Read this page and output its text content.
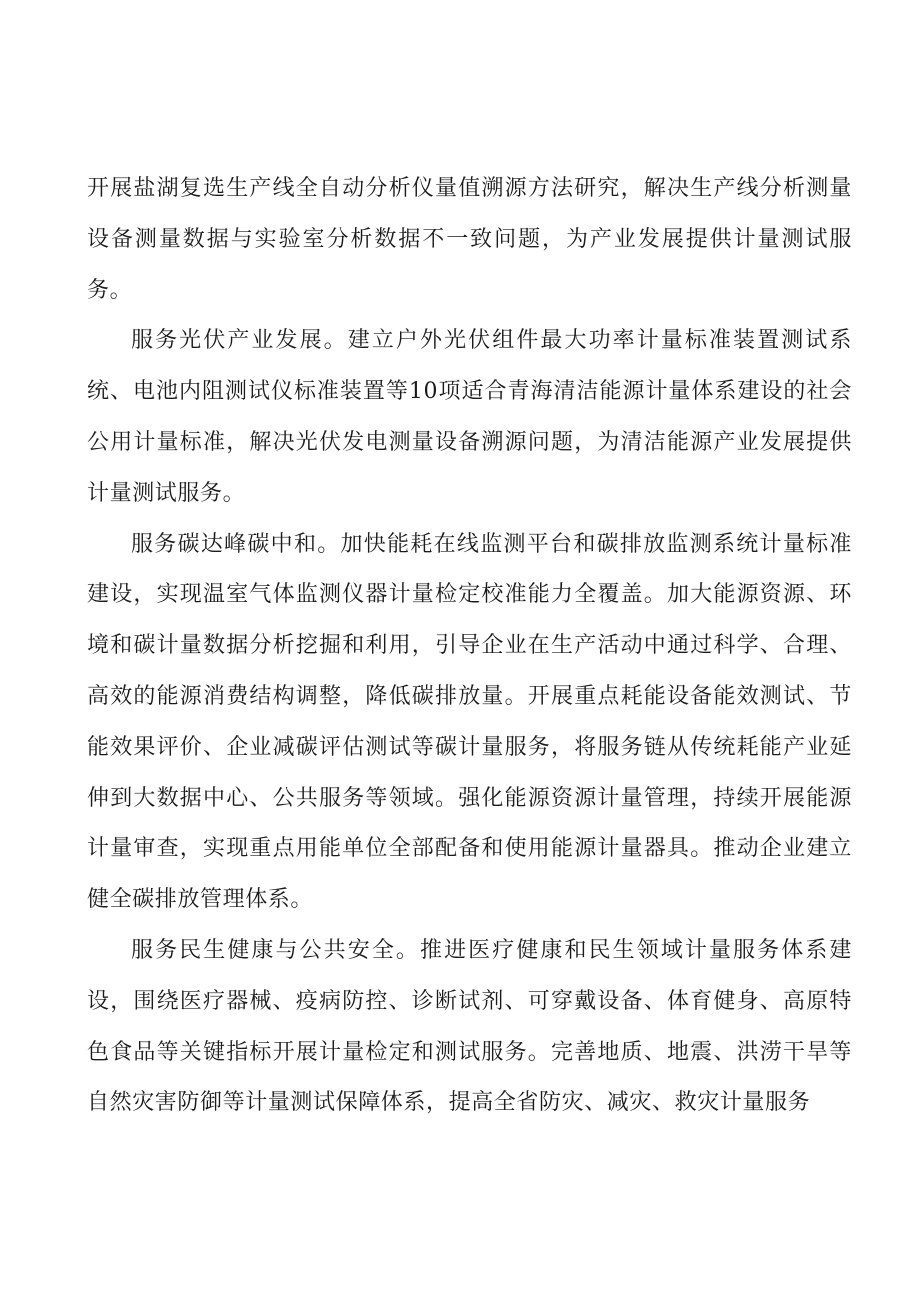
开展盐湖复选生产线全自动分析仪量值溯源方法研究，解决生产线分析测量设备测量数据与实验室分析数据不一致问题，为产业发展提供计量测试服务。

服务光伏产业发展。建立户外光伏组件最大功率计量标准装置测试系统、电池内阻测试仪标准装置等10项适合青海清洁能源计量体系建设的社会公用计量标准，解决光伏发电测量设备溯源问题，为清洁能源产业发展提供计量测试服务。

服务碳达峰碳中和。加快能耗在线监测平台和碳排放监测系统计量标准建设，实现温室气体监测仪器计量检定校准能力全覆盖。加大能源资源、环境和碳计量数据分析挖掘和利用，引导企业在生产活动中通过科学、合理、高效的能源消费结构调整，降低碳排放量。开展重点耗能设备能效测试、节能效果评价、企业减碳评估测试等碳计量服务，将服务链从传统耗能产业延伸到大数据中心、公共服务等领域。强化能源资源计量管理，持续开展能源计量审查，实现重点用能单位全部配备和使用能源计量器具。推动企业建立健全碳排放管理体系。

服务民生健康与公共安全。推进医疗健康和民生领域计量服务体系建设，围绕医疗器械、疫病防控、诊断试剂、可穿戴设备、体育健身、高原特色食品等关键指标开展计量检定和测试服务。完善地质、地震、洪涝干旱等自然灾害防御等计量测试保障体系，提高全省防灾、减灾、救灾计量服务
